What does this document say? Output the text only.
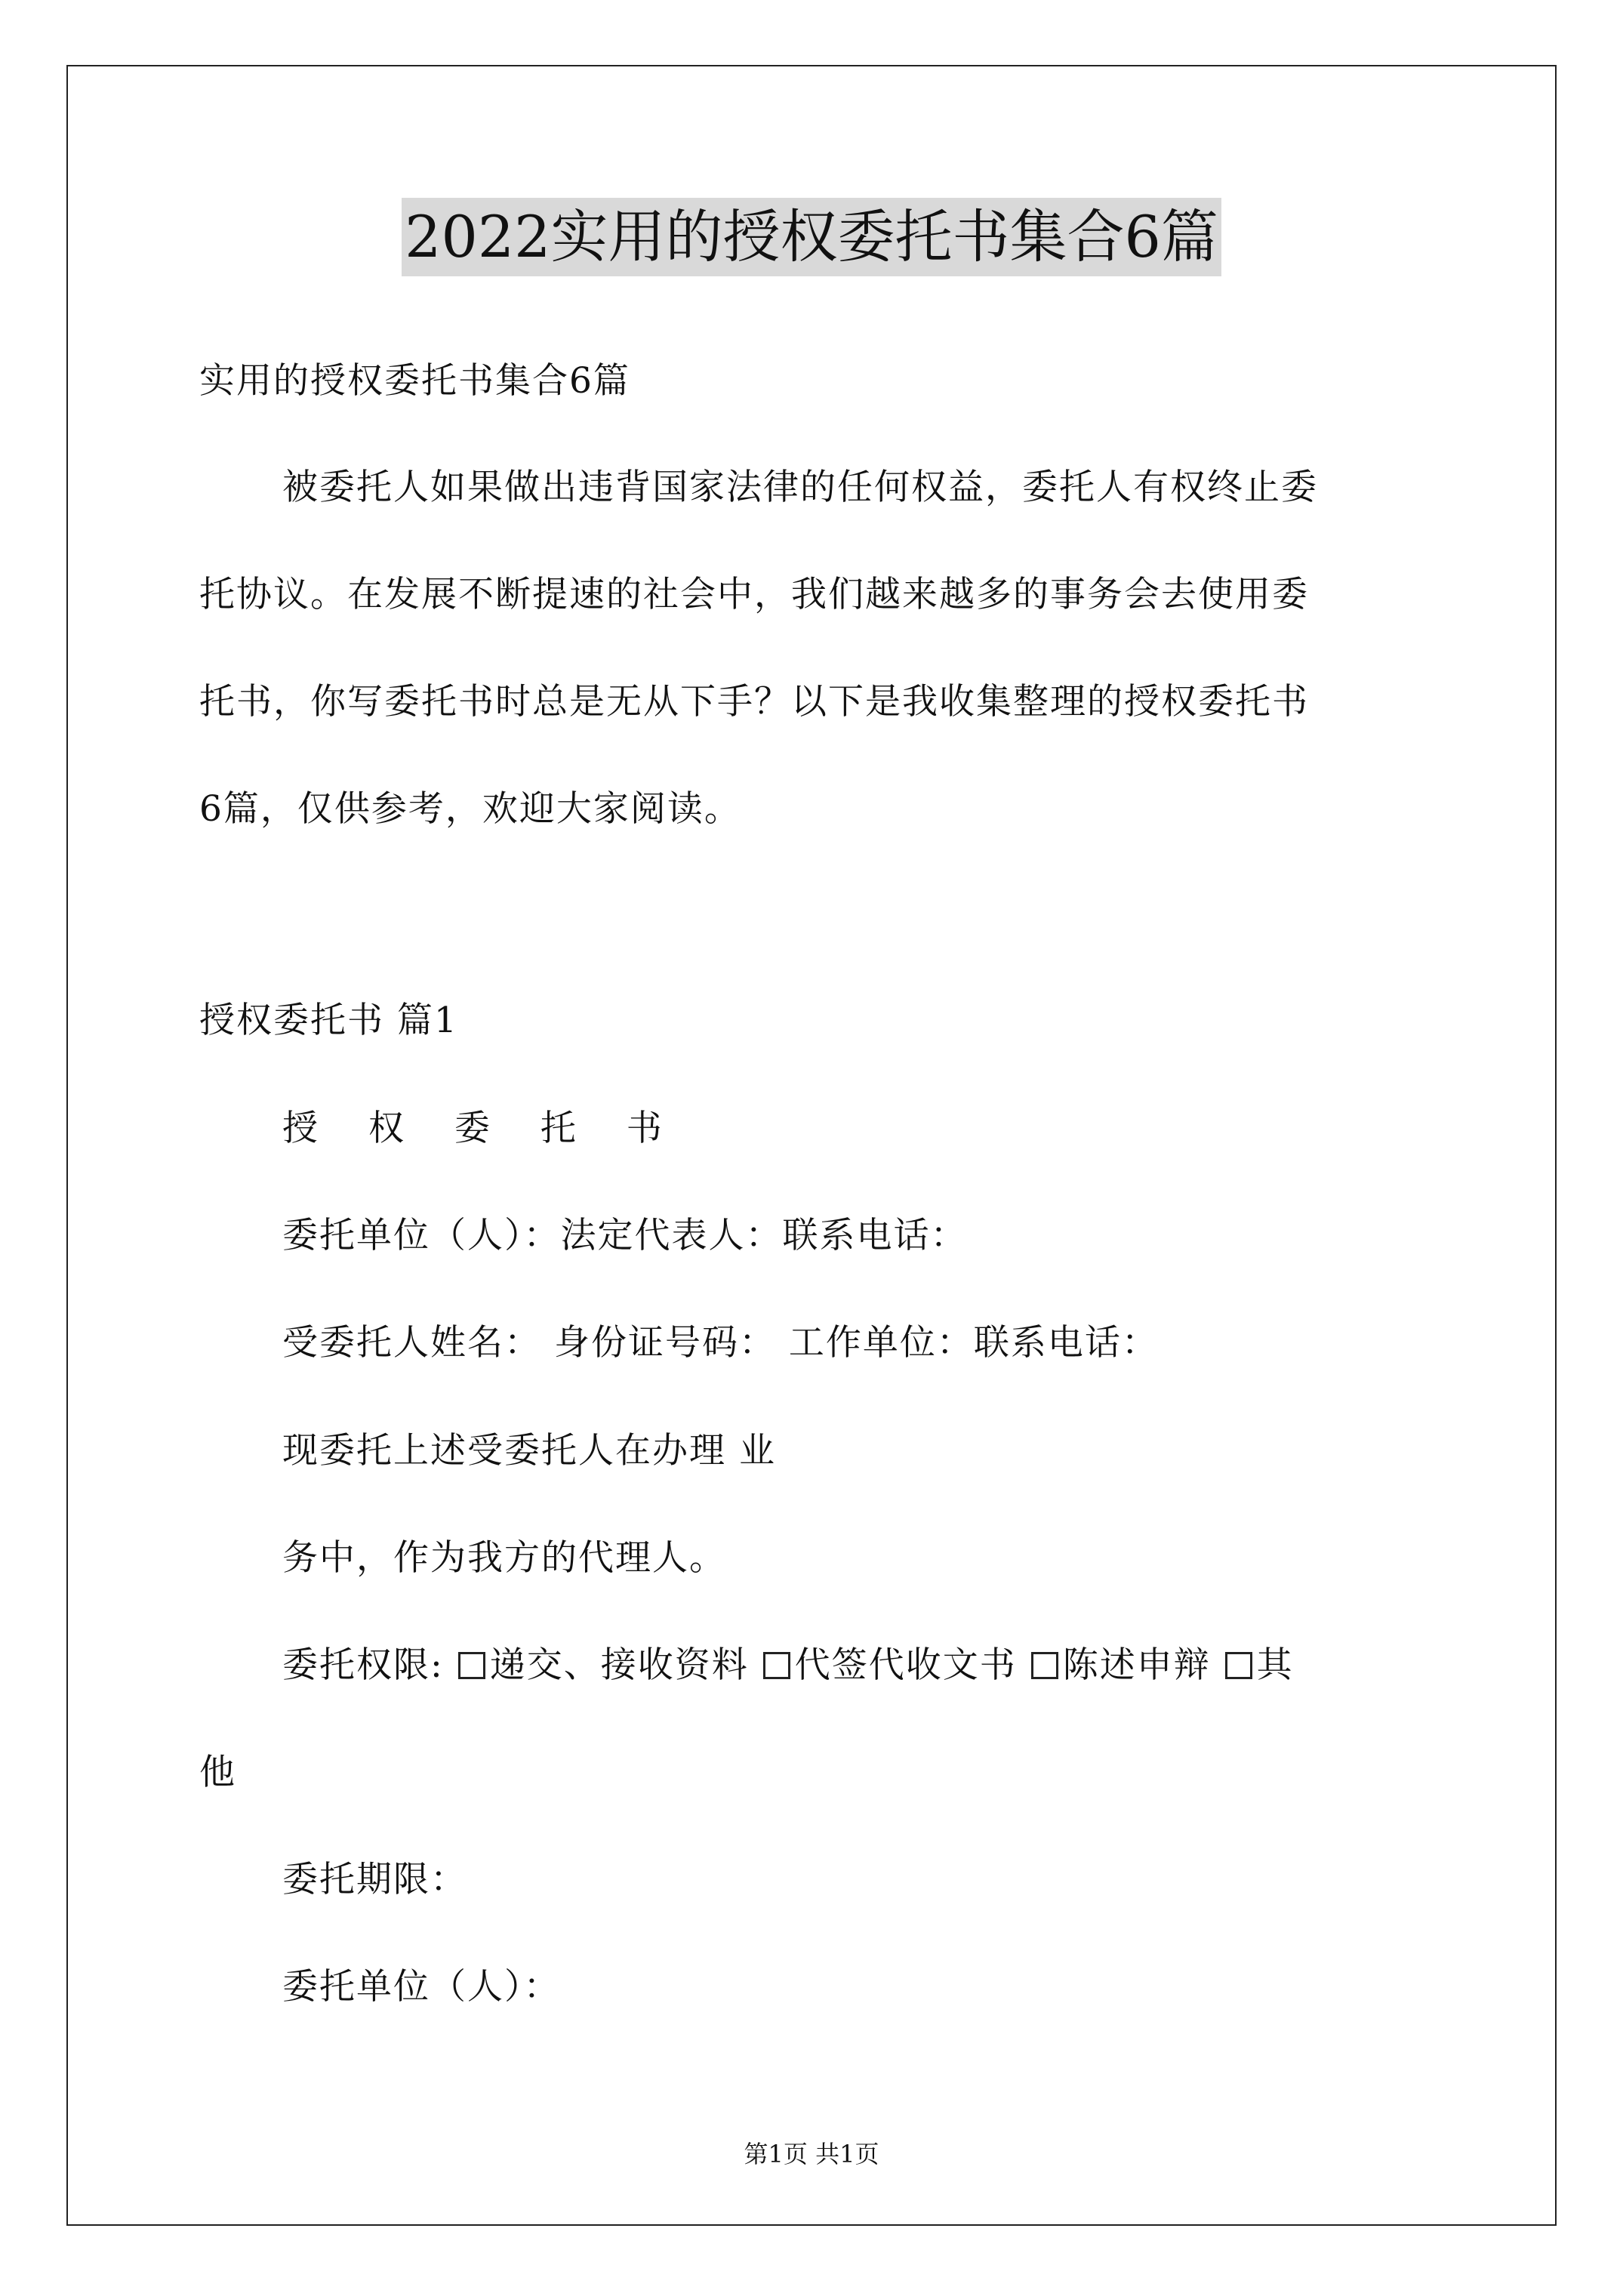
2022实用的授权委托书集合6篇
实用的授权委托书集合6篇
被委托人如果做出违背国家法律的任何权益，委托人有权终止委
托协议。在发展不断提速的社会中，我们越来越多的事务会去使用委
托书，你写委托书时总是无从下手？以下是我收集整理的授权委托书
6篇，仅供参考，欢迎大家阅读。
授权委托书 篇1
授 权 委 托 书
委托单位（人）：法定代表人：联系电话：
受委托人姓名： 身份证号码： 工作单位：联系电话：
现委托上述受委托人在办理 业
务中，作为我方的代理人。
委托权限: 递交、接收资料 代签代收文书 陈述申辩 其
他
委托期限：
委托单位（人）：
第1页 共1页
